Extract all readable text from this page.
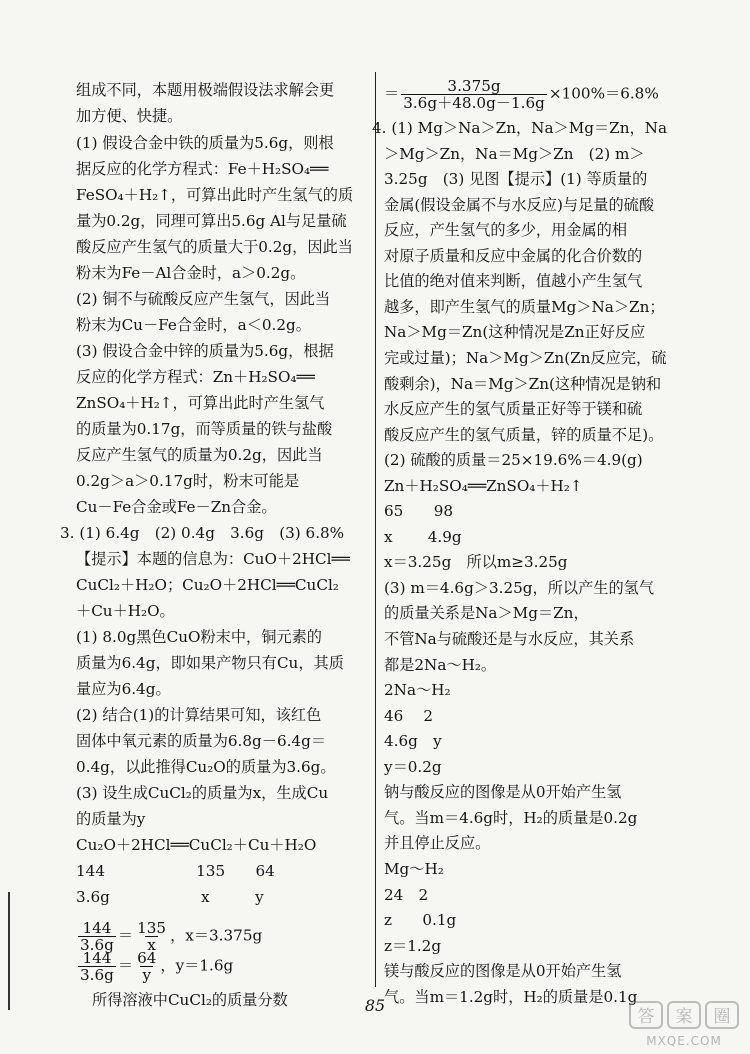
组成不同，本题用极端假设法求解会更
加方便、快捷。
(1) 假设合金中铁的质量为5.6g，则根
据反应的化学方程式：Fe＋H₂SO₄══
FeSO₄＋H₂↑，可算出此时产生氢气的质
量为0.2g，同理可算出5.6g Al与足量硫
酸反应产生氢气的质量大于0.2g，因此当
粉末为Fe－Al合金时，a＞0.2g。
(2) 铜不与硫酸反应产生氢气，因此当
粉末为Cu－Fe合金时，a＜0.2g。
(3) 假设合金中锌的质量为5.6g，根据
反应的化学方程式：Zn＋H₂SO₄══
ZnSO₄＋H₂↑，可算出此时产生氢气
的质量为0.17g，而等质量的铁与盐酸
反应产生氢气的质量为0.2g，因此当
0.2g＞a＞0.17g时，粉末可能是
Cu－Fe合金或Fe－Zn合金。
3. (1) 6.4g　(2) 0.4g　3.6g　(3) 6.8%
【提示】本题的信息为：CuO＋2HCl══
CuCl₂＋H₂O；Cu₂O＋2HCl══CuCl₂
＋Cu＋H₂O。
(1) 8.0g黑色CuO粉末中，铜元素的
质量为6.4g，即如果产物只有Cu，其质
量应为6.4g。
(2) 结合(1)的计算结果可知，该红色
固体中氧元素的质量为6.8g－6.4g＝
0.4g，以此推得Cu₂O的质量为3.6g。
(3) 设生成CuCl₂的质量为x，生成Cu
的质量为y
Cu₂O＋2HCl══CuCl₂＋Cu＋H₂O
144　　　　　　135　　64
3.6g　　　　　　x　　　y
$\frac{144}{3.6g} = \frac{135}{x}$ ，x＝3.375g
$\frac{144}{3.6g} = \frac{64}{y}$ ，y＝1.6g
所得溶液中CuCl₂的质量分数
＝ $\frac{3.375g}{3.6g+48.0g-1.6g} \times 100\%=6.8\%$
4. (1) Mg＞Na＞Zn，Na＞Mg＝Zn，Na
＞Mg＞Zn，Na＝Mg＞Zn　(2) m＞
3.25g　(3) 见图【提示】(1) 等质量的
金属(假设金属不与水反应)与足量的硫酸
反应，产生氢气的多少，用金属的相
对原子质量和反应中金属的化合价数的
比值的绝对值来判断，值越小产生氢气
越多，即产生氢气的质量Mg＞Na＞Zn；
Na＞Mg＝Zn(这种情况是Zn正好反应
完或过量)；Na＞Mg＞Zn(Zn反应完，硫
酸剩余)，Na＝Mg＞Zn(这种情况是钠和
水反应产生的氢气质量正好等于镁和硫
酸反应产生的氢气质量，锌的质量不足)。
(2) 硫酸的质量＝25×19.6%＝4.9(g)
Zn＋H₂SO₄══ZnSO₄＋H₂↑
65　　98
x　　 4.9g
x＝3.25g　所以m≥3.25g
(3) m＝4.6g＞3.25g，所以产生的氢气
的质量关系是Na＞Mg＝Zn，
不管Na与硫酸还是与水反应，其关系
都是2Na～H₂。
2Na～H₂
46　 2
4.6g　y
y＝0.2g
钠与酸反应的图像是从0开始产生氢
气。当m＝4.6g时，H₂的质量是0.2g
并且停止反应。
Mg～H₂
24　2
z　　0.1g
z＝1.2g
镁与酸反应的图像是从0开始产生氢
气。当m＝1.2g时，H₂的质量是0.1g
85
答 案 圈
MXQE.COM
